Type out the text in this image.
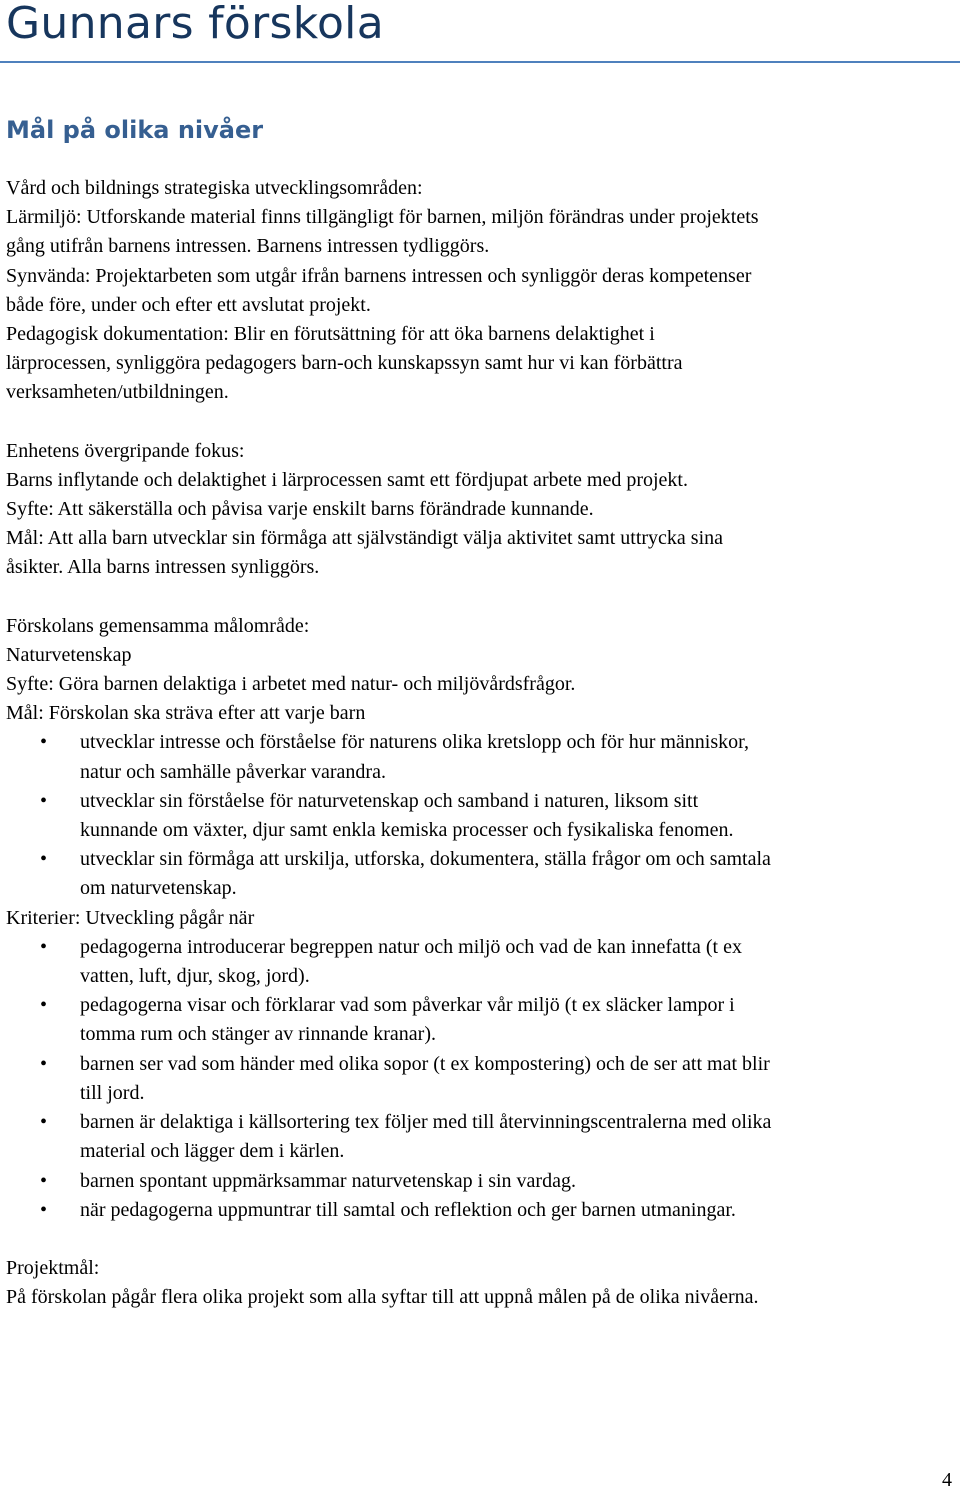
Gunnars förskola
Mål på olika nivåer

Vård och bildnings strategiska utvecklingsområden:

Lärmiljö: Utforskande material finns tillgängligt för barnen, miljön förändras under projektets

gång utifrån barnens intressen. Barnens intressen tydliggörs.

Synvända: Projektarbeten som utgår ifrån barnens intressen och synliggör deras kompetenser

både före, under och efter ett avslutat projekt.

Pedagogisk dokumentation: Blir en förutsättning för att öka barnens delaktighet i

lärprocessen, synliggöra pedagogers barn-och kunskapssyn samt hur vi kan förbättra

verksamheten/utbildningen.

Enhetens övergripande fokus:

Barns inflytande och delaktighet i lärprocessen samt ett fördjupat arbete med projekt.

Syfte: Att säkerställa och påvisa varje enskilt barns förändrade kunnande.

Mål: Att alla barn utvecklar sin förmåga att självständigt välja aktivitet samt uttrycka sina

åsikter. Alla barns intressen synliggörs.

Förskolans gemensamma målområde:

Naturvetenskap

Syfte: Göra barnen delaktiga i arbetet med natur- och miljövårdsfrågor.

Mål: Förskolan ska sträva efter att varje barn

• utvecklar intresse och förståelse för naturens olika kretslopp och för hur människor,

natur och samhälle påverkar varandra.

• utvecklar sin förståelse för naturvetenskap och samband i naturen, liksom sitt

kunnande om växter, djur samt enkla kemiska processer och fysikaliska fenomen.

• utvecklar sin förmåga att urskilja, utforska, dokumentera, ställa frågor om och samtala

om naturvetenskap.

Kriterier: Utveckling pågår när

• pedagogerna introducerar begreppen natur och miljö och vad de kan innefatta (t ex

vatten, luft, djur, skog, jord).

• pedagogerna visar och förklarar vad som påverkar vår miljö (t ex släcker lampor i

tomma rum och stänger av rinnande kranar).

• barnen ser vad som händer med olika sopor (t ex kompostering) och de ser att mat blir

till jord.

• barnen är delaktiga i källsortering tex följer med till återvinningscentralerna med olika

material och lägger dem i kärlen.

• barnen spontant uppmärksammar naturvetenskap i sin vardag.

• när pedagogerna uppmuntrar till samtal och reflektion och ger barnen utmaningar.

Projektmål:

På förskolan pågår flera olika projekt som alla syftar till att uppnå målen på de olika nivåerna.

4
